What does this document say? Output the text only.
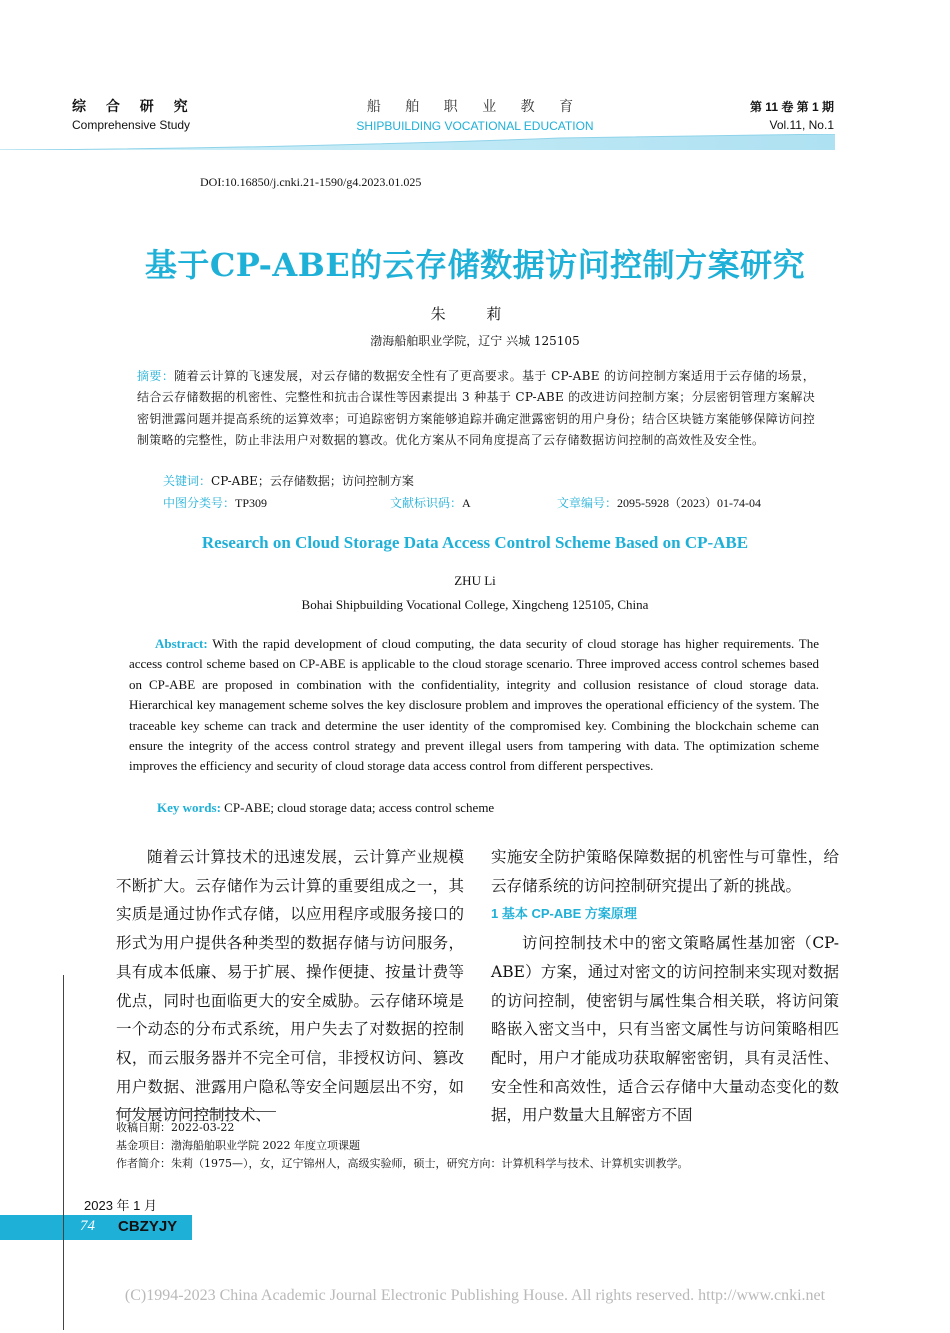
综 合 研 究
Comprehensive Study
船 舶 职 业 教 育
SHIPBUILDING VOCATIONAL EDUCATION
第 11 卷 第 1 期
Vol.11, No.1
DOI:10.16850/j.cnki.21-1590/g4.2023.01.025
基于CP-ABE的云存储数据访问控制方案研究
朱 莉
渤海船舶职业学院，辽宁 兴城 125105
摘要：随着云计算的飞速发展，对云存储的数据安全性有了更高要求。基于 CP-ABE 的访问控制方案适用于云存储的场景，结合云存储数据的机密性、完整性和抗击合谋性等因素提出 3 种基于 CP-ABE 的改进访问控制方案；分层密钥管理方案解决密钥泄露问题并提高系统的运算效率；可追踪密钥方案能够追踪并确定泄露密钥的用户身份；结合区块链方案能够保障访问控制策略的完整性，防止非法用户对数据的篡改。优化方案从不同角度提高了云存储数据访问控制的高效性及安全性。
关键词：CP-ABE；云存储数据；访问控制方案
中图分类号：TP309	文献标识码：A	文章编号：2095-5928（2023）01-74-04
Research on Cloud Storage Data Access Control Scheme Based on CP-ABE
ZHU Li
Bohai Shipbuilding Vocational College, Xingcheng 125105, China
Abstract: With the rapid development of cloud computing, the data security of cloud storage has higher requirements. The access control scheme based on CP-ABE is applicable to the cloud storage scenario. Three improved access control schemes based on CP-ABE are proposed in combination with the confidentiality, integrity and collusion resistance of cloud storage data. Hierarchical key management scheme solves the key disclosure problem and improves the operational efficiency of the system. The traceable key scheme can track and determine the user identity of the compromised key. Combining the blockchain scheme can ensure the integrity of the access control strategy and prevent illegal users from tampering with data. The optimization scheme improves the efficiency and security of cloud storage data access control from different perspectives.
Key words: CP-ABE; cloud storage data; access control scheme

随着云计算技术的迅速发展，云计算产业规模不断扩大。云存储作为云计算的重要组成之一，其实质是通过协作式存储，以应用程序或服务接口的形式为用户提供各种类型的数据存储与访问服务，具有成本低廉、易于扩展、操作便捷、按量计费等优点，同时也面临更大的安全威胁。云存储环境是一个动态的分布式系统，用户失去了对数据的控制权，而云服务器并不完全可信，非授权访问、篡改用户数据、泄露用户隐私等安全问题层出不穷，如何发展访问控制技术、

实施安全防护策略保障数据的机密性与可靠性，给云存储系统的访问控制研究提出了新的挑战。

1 基本 CP-ABE 方案原理

访问控制技术中的密文策略属性基加密（CP-ABE）方案，通过对密文的访问控制来实现对数据的访问控制，使密钥与属性集合相关联，将访问策略嵌入密文当中，只有当密文属性与访问策略相匹配时，用户才能成功获取解密密钥，具有灵活性、安全性和高效性，适合云存储中大量动态变化的数据，用户数量大且解密方不固

收稿日期：2022-03-22
基金项目：渤海船舶职业学院 2022 年度立项课题
作者简介：朱莉（1975—），女，辽宁锦州人，高级实验师，硕士，研究方向：计算机科学与技术、计算机实训教学。
2023 年 1 月
74 CBZYJY
(C)1994-2023 China Academic Journal Electronic Publishing House. All rights reserved. http://www.cnki.net
